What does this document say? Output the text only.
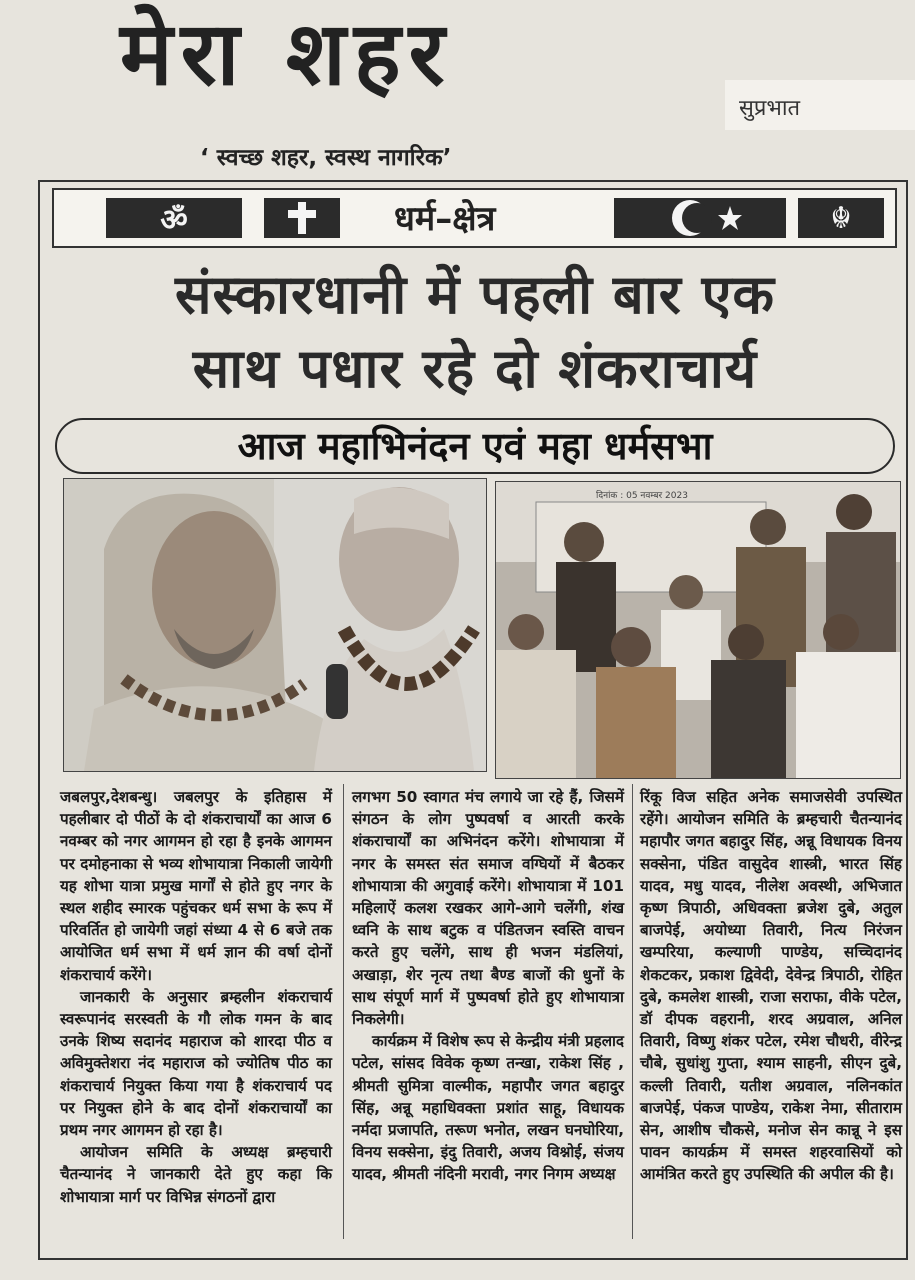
मेरा शहर
‘ स्वच्छ शहर, स्वस्थ नागरिक’
सुप्रभात
ॐ	धर्म–क्षेत्र	☬
संस्कारधानी में पहली बार एक
साथ पधार रहे दो शंकराचार्य
आज महाभिनंदन एवं महा धर्मसभा
दिनांक : 05 नवम्बर 2023

जबलपुर,देशबन्धु। जबलपुर के इतिहास में पहलीबार दो पीठों के दो शंकराचार्यों का आज 6 नवम्बर को नगर आगमन हो रहा है इनके आगमन पर दमोहनाका से भव्य शोभायात्रा निकाली जायेगी यह शोभा यात्रा प्रमुख मार्गों से होते हुए नगर के स्थल शहीद स्मारक पहुंचकर धर्म सभा के रूप में परिवर्तित हो जायेगी जहां संध्या 4 से 6 बजे तक आयोजित धर्म सभा में धर्म ज्ञान की वर्षा दोनों शंकराचार्य करेंगे।

जानकारी के अनुसार ब्रम्हलीन शंकराचार्य स्वरूपानंद सरस्वती के गौ लोक गमन के बाद उनके शिष्य सदानंद महाराज को शारदा पीठ व अविमुक्तेशरा नंद महाराज को ज्योतिष पीठ का शंकराचार्य नियुक्त किया गया है शंकराचार्य पद पर नियुक्त होने के बाद दोनों शंकराचार्यों का प्रथम नगर आगमन हो रहा है।

आयोजन समिति के अध्यक्ष ब्रम्हचारी चैतन्यानंद ने जानकारी देते हुए कहा कि शोभायात्रा मार्ग पर विभिन्न संगठनों द्वारा

लगभग 50 स्वागत मंच लगाये जा रहे हैं, जिसमें संगठन के लोग पुष्पवर्षा व आरती करके शंकराचार्यों का अभिनंदन करेंगे। शोभायात्रा में नगर के समस्त संत समाज वग्घियों में बैठकर शोभायात्रा की अगुवाई करेंगे। शोभायात्रा में 101 महिलाऐं कलश रखकर आगे-आगे चलेंगी, शंख ध्वनि के साथ बटुक व पंडितजन स्वस्ति वाचन करते हुए चलेंगे, साथ ही भजन मंडलियां, अखाड़ा, शेर नृत्य तथा बैण्ड बाजों की धुनों के साथ संपूर्ण मार्ग में पुष्पवर्षा होते हुए शोभायात्रा निकलेगी।

कार्यक्रम में विशेष रूप से केन्द्रीय मंत्री प्रहलाद पटेल, सांसद विवेक कृष्ण तन्खा, राकेश सिंह , श्रीमती सुमित्रा वाल्मीक, महापौर जगत बहादुर सिंह, अन्नू महाधिवक्ता प्रशांत साहू, विधायक नर्मदा प्रजापति, तरूण भनोत, लखन घनघोरिया, विनय सक्सेना, इंदु तिवारी, अजय विश्नोई, संजय यादव, श्रीमती नंदिनी मरावी, नगर निगम अध्यक्ष

रिंकू विज सहित अनेक समाजसेवी उपस्थित रहेंगे। आयोजन समिति के ब्रम्हचारी चैतन्यानंद महापौर जगत बहादुर सिंह, अन्नू विधायक विनय सक्सेना, पंडित वासुदेव शास्त्री, भारत सिंह यादव, मधु यादव, नीलेश अवस्थी, अभिजात कृष्ण त्रिपाठी, अधिवक्ता ब्रजेश दुबे, अतुल बाजपेई, अयोध्या तिवारी, नित्य निरंजन खम्परिया, कल्याणी पाण्डेय, सच्चिदानंद शेकटकर, प्रकाश द्विवेदी, देवेन्द्र त्रिपाठी, रोहित दुबे, कमलेश शास्त्री, राजा सराफा, वीके पटेल, डॉ दीपक वहरानी, शरद अग्रवाल, अनिल तिवारी, विष्णु शंकर पटेल, रमेश चौधरी, वीरेन्द्र चौबे, सुधांशु गुप्ता, श्याम साहनी, सीएन दुबे, कल्ली तिवारी, यतीश अग्रवाल, नलिनकांत बाजपेई, पंकज पाण्डेय, राकेश नेमा, सीताराम सेन, आशीष चौकसे, मनोज सेन कान्नू ने इस पावन कायर्क्रम में समस्त शहरवासियों को आमंत्रित करते हुए उपस्थिति की अपील की है।
